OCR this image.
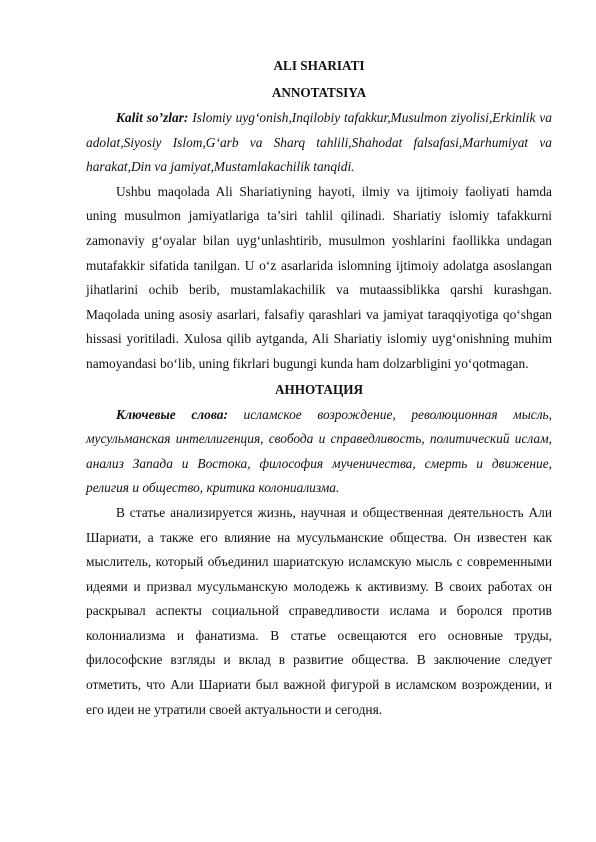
ALI SHARIATI
ANNOTATSIYA

Kalit so’zlar: Islomiy uyg‘onish,Inqilobiy tafakkur,Musulmon ziyolisi,Erkinlik va adolat,Siyosiy Islom,G‘arb va Sharq tahlili,Shahodat falsafasi,Marhumiyat va harakat,Din va jamiyat,Mustamlakachilik tanqidi.

Ushbu maqolada Ali Shariatiyning hayoti, ilmiy va ijtimoiy faoliyati hamda uning musulmon jamiyatlariga ta’siri tahlil qilinadi. Shariatiy islomiy tafakkurni zamonaviy g‘oyalar bilan uyg‘unlashtirib, musulmon yoshlarini faollikka undagan mutafakkir sifatida tanilgan. U o‘z asarlarida islomning ijtimoiy adolatga asoslangan jihatlarini ochib berib, mustamlakachilik va mutaassiblikka qarshi kurashgan. Maqolada uning asosiy asarlari, falsafiy qarashlari va jamiyat taraqqiyotiga qo‘shgan hissasi yoritiladi. Xulosa qilib aytganda, Ali Shariatiy islomiy uyg‘onishning muhim namoyandasi bo‘lib, uning fikrlari bugungi kunda ham dolzarbligini yo‘qotmagan.

АННОТАЦИЯ

Ключевые слова: исламское возрождение, революционная мысль, мусульманская интеллигенция, свобода и справедливость, политический ислам, анализ Запада и Востока, философия мученичества, смерть и движение, религия и общество, критика колониализма.

В статье анализируется жизнь, научная и общественная деятельность Али Шариати, а также его влияние на мусульманские общества. Он известен как мыслитель, который объединил шариатскую исламскую мысль с современными идеями и призвал мусульманскую молодежь к активизму. В своих работах он раскрывал аспекты социальной справедливости ислама и боролся против колониализма и фанатизма. В статье освещаются его основные труды, философские взгляды и вклад в развитие общества. В заключение следует отметить, что Али Шариати был важной фигурой в исламском возрождении, и его идеи не утратили своей актуальности и сегодня.
